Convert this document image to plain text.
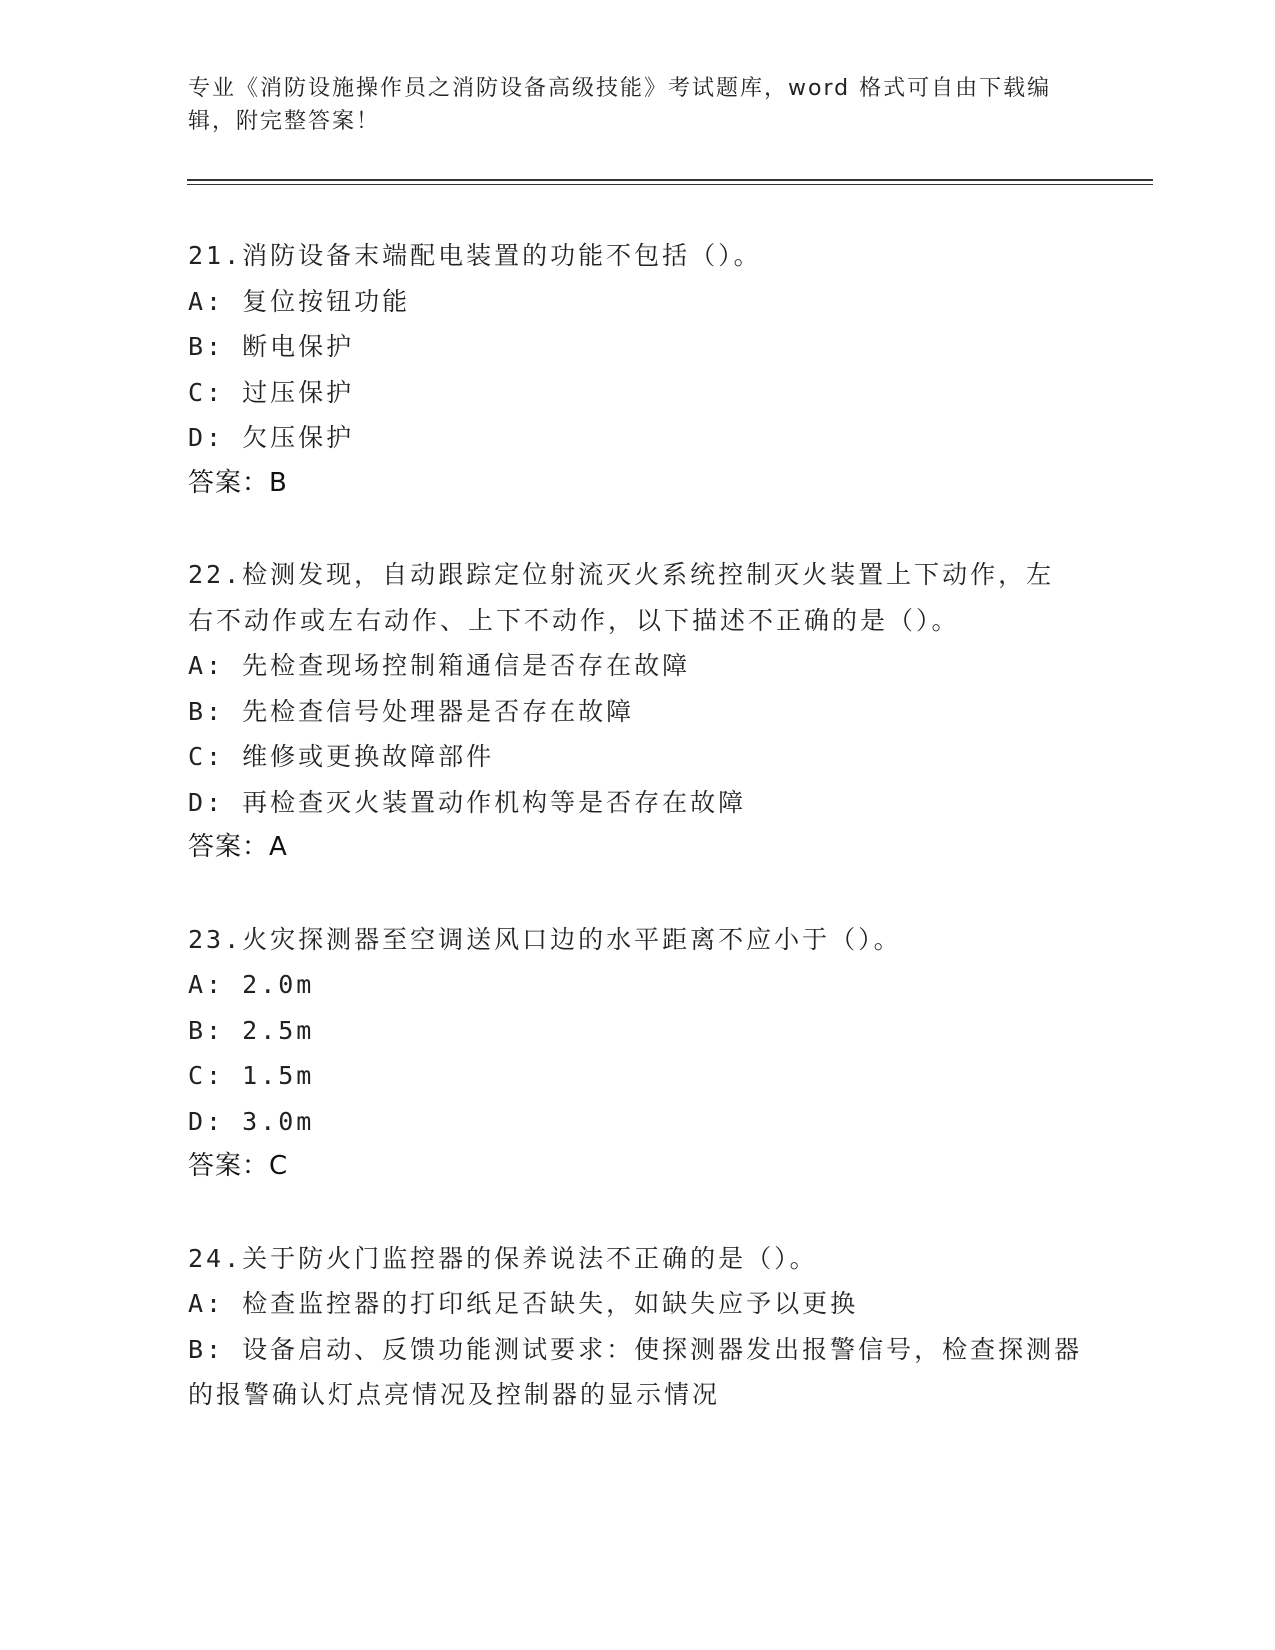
专业《消防设施操作员之消防设备高级技能》考试题库，word 格式可自由下载编辑，附完整答案！
21.消防设备末端配电装置的功能不包括（）。
A: 复位按钮功能
B: 断电保护
C: 过压保护
D: 欠压保护
答案：B
22.检测发现，自动跟踪定位射流灭火系统控制灭火装置上下动作，左右不动作或左右动作、上下不动作，以下描述不正确的是（）。
A: 先检查现场控制箱通信是否存在故障
B: 先检查信号处理器是否存在故障
C: 维修或更换故障部件
D: 再检查灭火装置动作机构等是否存在故障
答案：A
23.火灾探测器至空调送风口边的水平距离不应小于（）。
A: 2.0m
B: 2.5m
C: 1.5m
D: 3.0m
答案：C
24.关于防火门监控器的保养说法不正确的是（）。
A: 检查监控器的打印纸足否缺失，如缺失应予以更换
B: 设备启动、反馈功能测试要求：使探测器发出报警信号，检查探测器的报警确认灯点亮情况及控制器的显示情况
